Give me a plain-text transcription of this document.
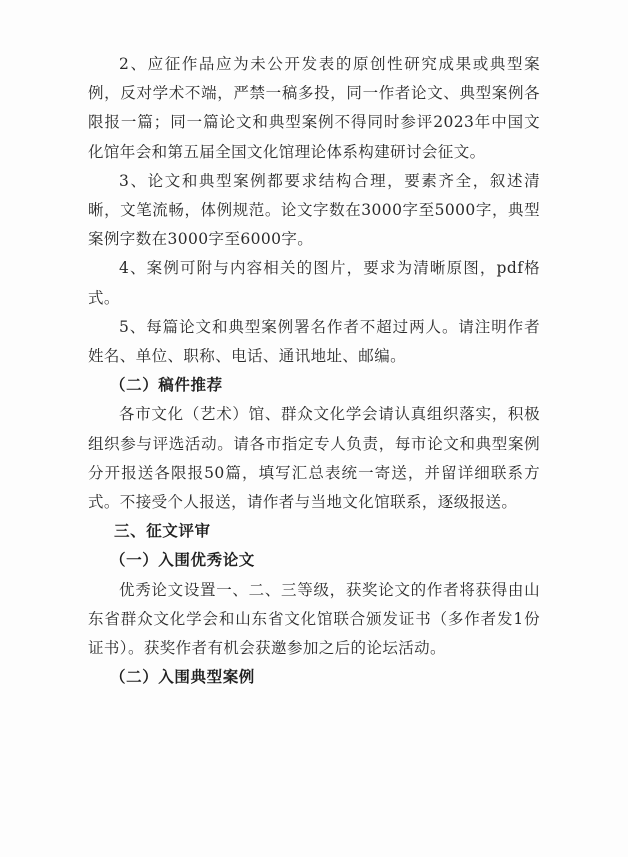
2、应征作品应为未公开发表的原创性研究成果或典型案例，反对学术不端，严禁一稿多投，同一作者论文、典型案例各限报一篇；同一篇论文和典型案例不得同时参评2023年中国文化馆年会和第五届全国文化馆理论体系构建研讨会征文。

3、论文和典型案例都要求结构合理，要素齐全，叙述清晰，文笔流畅，体例规范。论文字数在3000字至5000字，典型案例字数在3000字至6000字。

4、案例可附与内容相关的图片，要求为清晰原图，pdf格式。

5、每篇论文和典型案例署名作者不超过两人。请注明作者姓名、单位、职称、电话、通讯地址、邮编。

（二）稿件推荐

各市文化（艺术）馆、群众文化学会请认真组织落实，积极组织参与评选活动。请各市指定专人负责，每市论文和典型案例分开报送各限报50篇，填写汇总表统一寄送，并留详细联系方式。不接受个人报送，请作者与当地文化馆联系，逐级报送。

三、征文评审

（一）入围优秀论文

优秀论文设置一、二、三等级，获奖论文的作者将获得由山东省群众文化学会和山东省文化馆联合颁发证书（多作者发1份证书）。获奖作者有机会获邀参加之后的论坛活动。

（二）入围典型案例
